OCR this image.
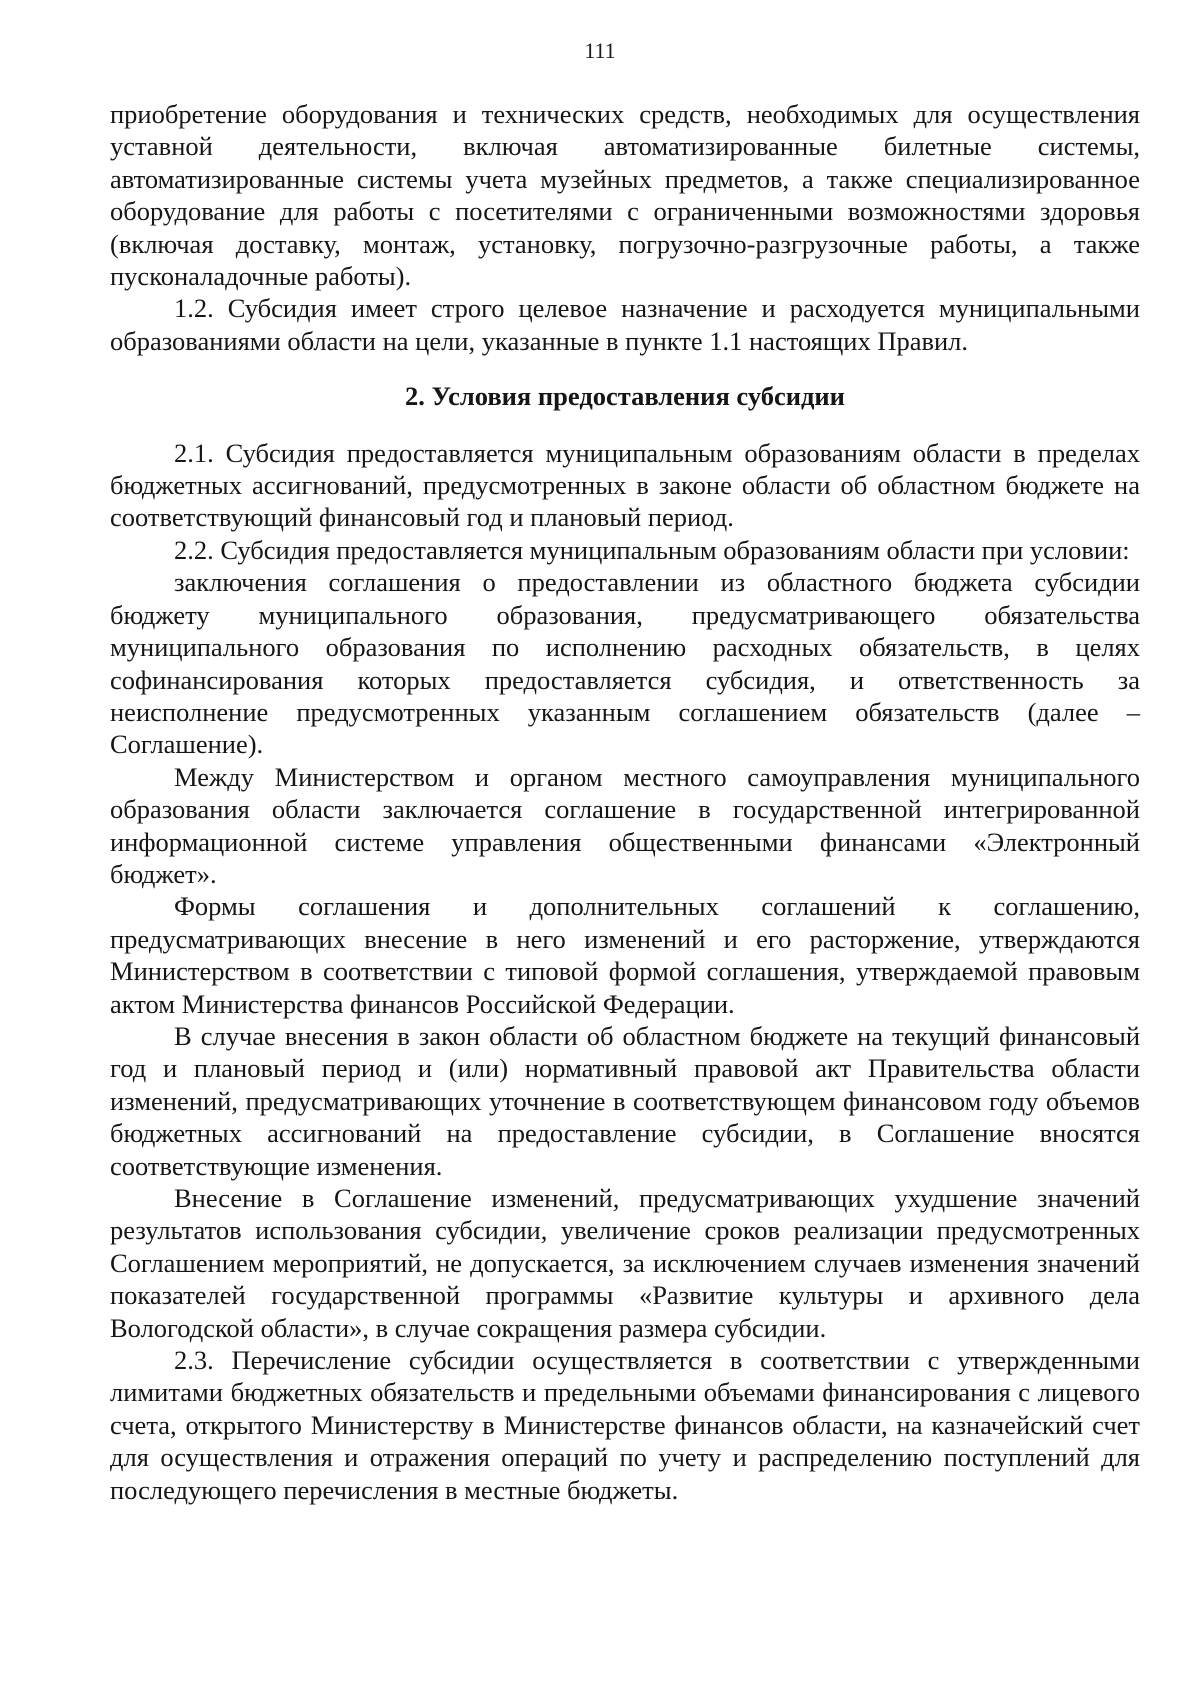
111

приобретение оборудования и технических средств, необходимых для осуществления уставной деятельности, включая автоматизированные билетные системы, автоматизированные системы учета музейных предметов, а также специализированное оборудование для работы с посетителями с ограниченными возможностями здоровья (включая доставку, монтаж, установку, погрузочно-разгрузочные работы, а также пусконаладочные работы).

1.2. Субсидия имеет строго целевое назначение и расходуется муниципальными образованиями области на цели, указанные в пункте 1.1 настоящих Правил.

2. Условия предоставления субсидии

2.1. Субсидия предоставляется муниципальным образованиям области в пределах бюджетных ассигнований, предусмотренных в законе области об областном бюджете на соответствующий финансовый год и плановый период.

2.2. Субсидия предоставляется муниципальным образованиям области при условии:

заключения соглашения о предоставлении из областного бюджета субсидии бюджету муниципального образования, предусматривающего обязательства муниципального образования по исполнению расходных обязательств, в целях софинансирования которых предоставляется субсидия, и ответственность за неисполнение предусмотренных указанным соглашением обязательств (далее – Соглашение).

Между Министерством и органом местного самоуправления муниципального образования области заключается соглашение в государственной интегрированной информационной системе управления общественными финансами «Электронный бюджет».

Формы соглашения и дополнительных соглашений к соглашению, предусматривающих внесение в него изменений и его расторжение, утверждаются Министерством в соответствии с типовой формой соглашения, утверждаемой правовым актом Министерства финансов Российской Федерации.

В случае внесения в закон области об областном бюджете на текущий финансовый год и плановый период и (или) нормативный правовой акт Правительства области изменений, предусматривающих уточнение в соответствующем финансовом году объемов бюджетных ассигнований на предоставление субсидии, в Соглашение вносятся соответствующие изменения.

Внесение в Соглашение изменений, предусматривающих ухудшение значений результатов использования субсидии, увеличение сроков реализации предусмотренных Соглашением мероприятий, не допускается, за исключением случаев изменения значений показателей государственной программы «Развитие культуры и архивного дела Вологодской области», в случае сокращения размера субсидии.

2.3. Перечисление субсидии осуществляется в соответствии с утвержденными лимитами бюджетных обязательств и предельными объемами финансирования с лицевого счета, открытого Министерству в Министерстве финансов области, на казначейский счет для осуществления и отражения операций по учету и распределению поступлений для последующего перечисления в местные бюджеты.
